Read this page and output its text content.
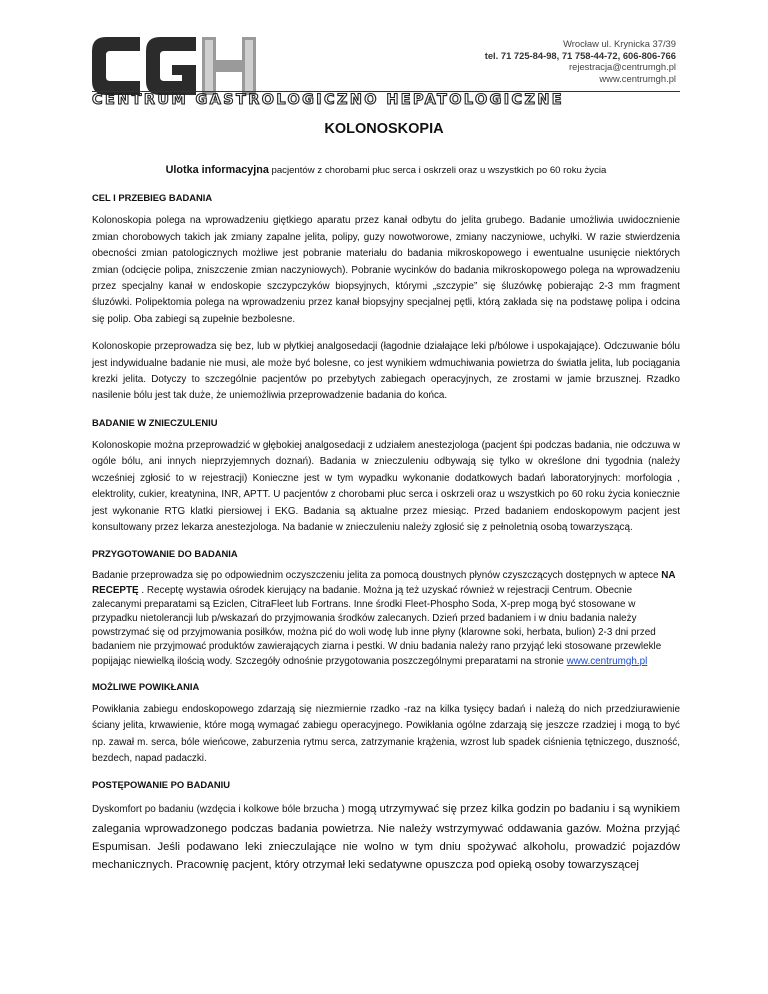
Wrocław ul. Krynicka 37/39
tel. 71 725-84-98, 71 758-44-72, 606-806-766
rejestracja@centrumgh.pl
www.centrumgh.pl
CENTRUM GASTROLOGICZNO HEPATOLOGICZNE
KOLONOSKOPIA
Ulotka informacyjna pacjentów z chorobami płuc serca i oskrzeli oraz u wszystkich po 60 roku życia
CEL I PRZEBIEG BADANIA

Kolonoskopia polega na wprowadzeniu giętkiego aparatu przez kanał odbytu do jelita grubego. Badanie umożliwia uwidocznienie zmian chorobowych takich jak zmiany zapalne jelita, polipy, guzy nowotworowe, zmiany naczyniowe, uchyłki. W razie stwierdzenia obecności zmian patologicznych możliwe jest pobranie materiału do badania mikroskopowego i ewentualne usunięcie niektórych zmian (odcięcie polipa, zniszczenie zmian naczyniowych). Pobranie wycinków do badania mikroskopowego polega na wprowadzeniu przez specjalny kanał w endoskopie szczypczyków biopsyjnych, którymi „szczypie” się śluzówkę pobierając 2-3 mm fragment śluzówki. Polipektomia polega na wprowadzeniu przez kanał biopsyjny specjalnej pętli, którą zakłada się na podstawę polipa i odcina się polip. Oba zabiegi są zupełnie bezbolesne.

Kolonoskopie przeprowadza się bez, lub w płytkiej analgosedacji (łagodnie działające leki p/bólowe i uspokajające). Odczuwanie bólu jest indywidualne badanie nie musi, ale może być bolesne, co jest wynikiem wdmuchiwania powietrza do światła jelita, lub pociągania krezki jelita. Dotyczy to szczególnie pacjentów po przebytych zabiegach operacyjnych, ze zrostami w jamie brzusznej. Rzadko nasilenie bólu jest tak duże, że uniemożliwia przeprowadzenie badania do końca.

BADANIE W ZNIECZULENIU

Kolonoskopie można przeprowadzić w głębokiej analgosedacji z udziałem anestezjologa (pacjent śpi podczas badania, nie odczuwa w ogóle bólu, ani innych nieprzyjemnych doznań). Badania w znieczuleniu odbywają się tylko w określone dni tygodnia (należy wcześniej zgłosić to w rejestracji) Konieczne jest w tym wypadku wykonanie dodatkowych badań laboratoryjnych: morfologia , elektrolity, cukier, kreatynina, INR, APTT. U pacjentów z chorobami płuc serca i oskrzeli oraz u wszystkich po 60 roku życia koniecznie jest wykonanie RTG klatki piersiowej i EKG. Badania są aktualne przez miesiąc. Przed badaniem endoskopowym pacjent jest konsultowany przez lekarza anestezjologa. Na badanie w znieczuleniu należy zgłosić się z pełnoletnią osobą towarzyszącą.

PRZYGOTOWANIE DO BADANIA

Badanie przeprowadza się po odpowiednim oczyszczeniu jelita za pomocą doustnych płynów czyszczących dostępnych w aptece NA RECEPTĘ . Receptę wystawia ośrodek kierujący na badanie. Można ją też uzyskać również w rejestracji Centrum. Obecnie zalecanymi preparatami są Eziclen, CitraFleet lub Fortrans. Inne środki Fleet-Phospho Soda, X-prep mogą być stosowane w przypadku nietolerancji lub p/wskazań do przyjmowania środków zalecanych. Dzień przed badaniem i w dniu badania należy powstrzymać się od przyjmowania posiłków, można pić do woli wodę lub inne płyny (klarowne soki, herbata, bulion) 2-3 dni przed badaniem nie przyjmować produktów zawierających ziarna i pestki. W dniu badania należy rano przyjąć leki stosowane przewlekle popijając niewielką ilością wody. Szczegóły odnośnie przygotowania poszczególnymi preparatami na stronie www.centrumgh.pl

MOŻLIWE POWIKŁANIA

Powikłania zabiegu endoskopowego zdarzają się niezmiernie rzadko -raz na kilka tysięcy badań i należą do nich przedziurawienie ściany jelita, krwawienie, które mogą wymagać zabiegu operacyjnego. Powikłania ogólne zdarzają się jeszcze rzadziej i mogą to być np. zawał m. serca, bóle wieńcowe, zaburzenia rytmu serca, zatrzymanie krążenia, wzrost lub spadek ciśnienia tętniczego, duszność, bezdech, napad padaczki.

POSTĘPOWANIE PO BADANIU

Dyskomfort po badaniu (wzdęcia i kolkowe bóle brzucha ) mogą utrzymywać się przez kilka godzin po badaniu i są wynikiem zalegania wprowadzonego podczas badania powietrza. Nie należy wstrzymywać oddawania gazów. Można przyjąć Espumisan. Jeśli podawano leki znieczulające nie wolno w tym dniu spożywać alkoholu, prowadzić pojazdów mechanicznych. Pracownię pacjent, który otrzymał leki sedatywne opuszcza pod opieką osoby towarzyszącej
